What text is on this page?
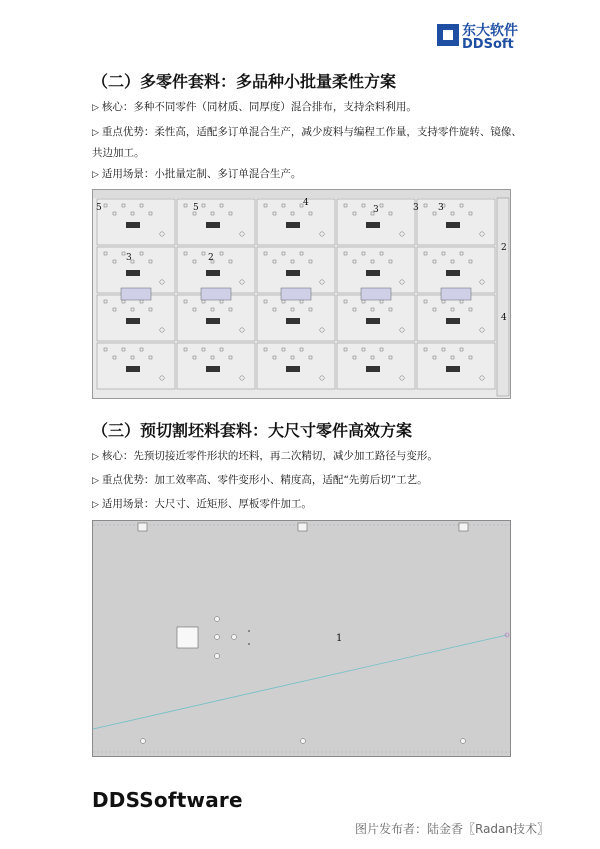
东大软件
DDSoft
（二）多零件套料：多品种小批量柔性方案
▷ 核心：多种不同零件（同材质、同厚度）混合排布，支持余料利用。
▷ 重点优势：柔性高，适配多订单混合生产，减少废料与编程工作量，支持零件旋转、镜像、共边加工。
▷ 适用场景：小批量定制、多订单混合生产。
5	5	3	3 3
3	2
2
4
4
（三）预切割坯料套料：大尺寸零件高效方案
▷ 核心：先预切接近零件形状的坯料，再二次精切，减少加工路径与变形。
▷ 重点优势：加工效率高、零件变形小、精度高，适配“先剪后切”工艺。
▷ 适用场景：大尺寸、近矩形、厚板零件加工。
1
DDSSoftware
图片发布者：陆金香〖Radan技术〗
